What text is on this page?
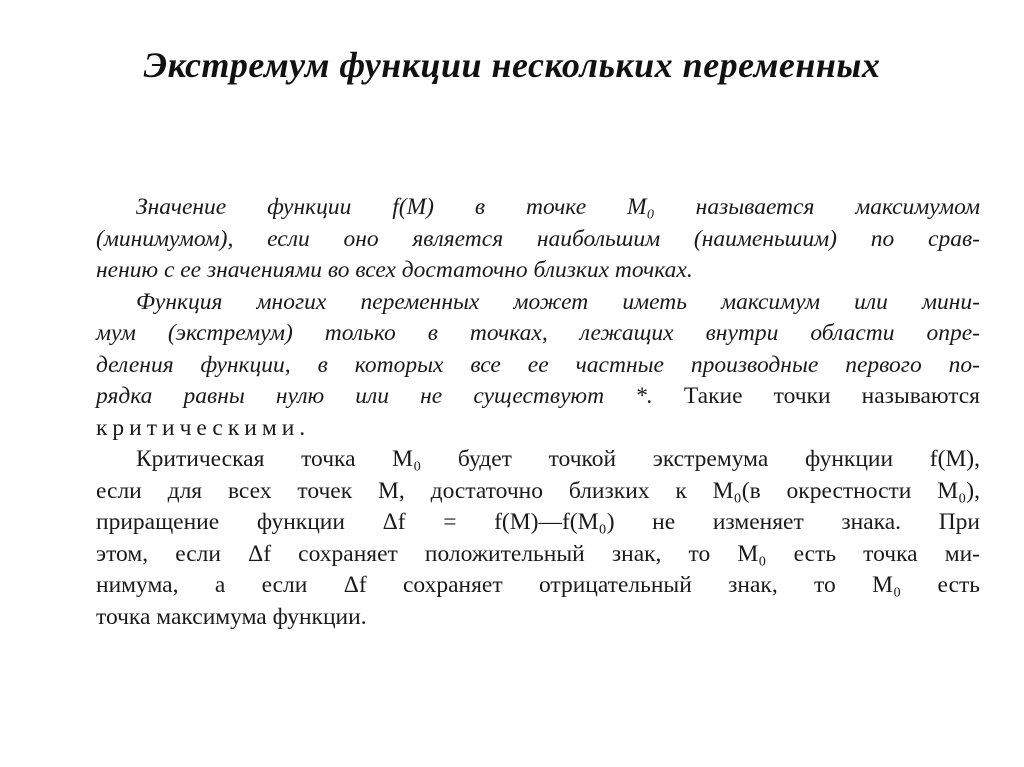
Экстремум функции нескольких переменных
Значение функции f(M) в точке M₀ называется максимумом
(минимумом), если оно является наибольшим (наименьшим) по срав-
нению с ее значениями во всех достаточно близких точках.
Функция многих переменных может иметь максимум или мини-
мум (экстремум) только в точках, лежащих внутри области опре-
деления функции, в которых все ее частные производные первого по-
рядка равны нулю или не существуют *. Такие точки называются
критическими.
Критическая точка M₀ будет точкой экстремума функции f(M),
если для всех точек M, достаточно близких к M₀(в окрестности M₀),
приращение функции Δf = f(M)—f(M₀) не изменяет знака. При
этом, если Δf сохраняет положительный знак, то M₀ есть точка ми-
нимума, а если Δf сохраняет отрицательный знак, то M₀ есть
точка максимума функции.
